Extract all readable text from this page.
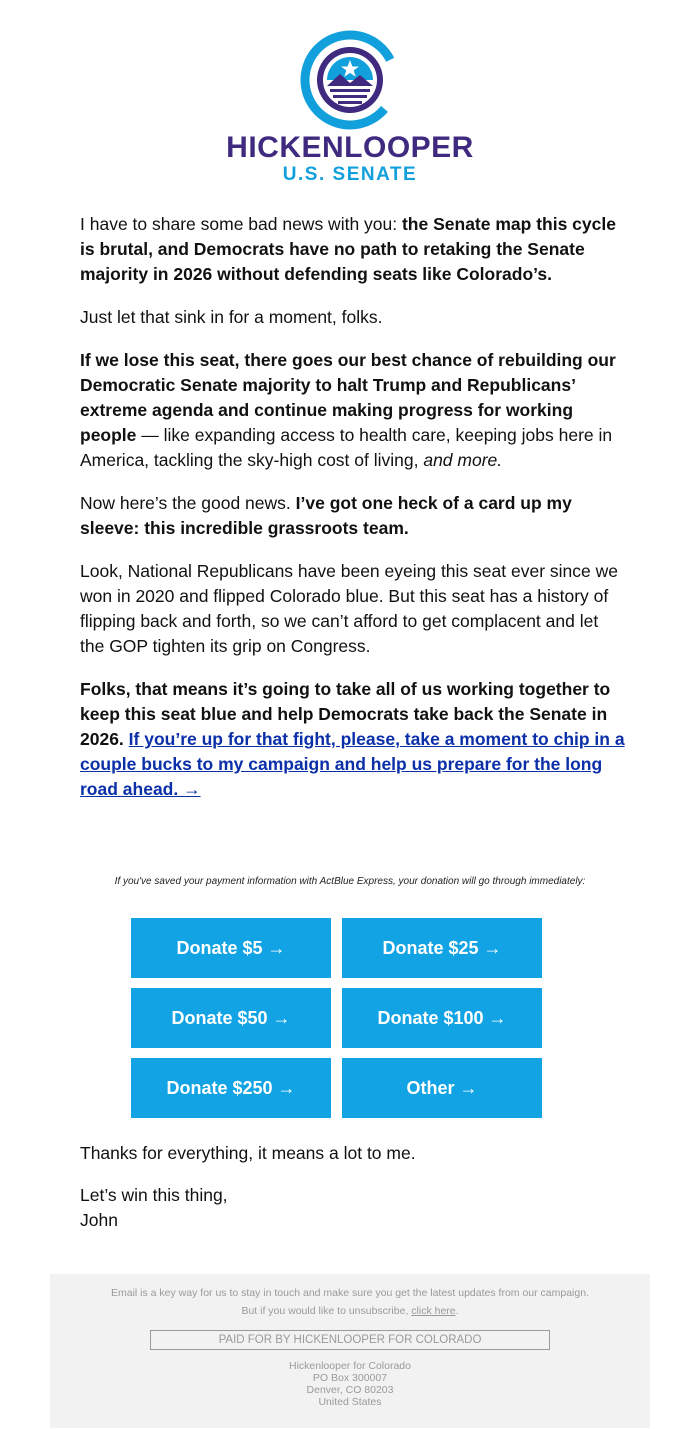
HICKENLOOPER
U.S. SENATE

I have to share some bad news with you: the Senate map this cycle is brutal, and Democrats have no path to retaking the Senate majority in 2026 without defending seats like Colorado’s.

Just let that sink in for a moment, folks.

If we lose this seat, there goes our best chance of rebuilding our Democratic Senate majority to halt Trump and Republicans’ extreme agenda and continue making progress for working people — like expanding access to health care, keeping jobs here in America, tackling the sky-high cost of living, and more.

Now here’s the good news. I’ve got one heck of a card up my sleeve: this incredible grassroots team.

Look, National Republicans have been eyeing this seat ever since we won in 2020 and flipped Colorado blue. But this seat has a history of flipping back and forth, so we can’t afford to get complacent and let the GOP tighten its grip on Congress.

Folks, that means it’s going to take all of us working together to keep this seat blue and help Democrats take back the Senate in 2026. If you’re up for that fight, please, take a moment to chip in a couple bucks to my campaign and help us prepare for the long road ahead. →

If you've saved your payment information with ActBlue Express, your donation will go through immediately:
Donate $5 →	Donate $25 →
Donate $50 →	Donate $100 →
Donate $250 →	Other →

Thanks for everything, it means a lot to me.

Let’s win this thing,
John

Email is a key way for us to stay in touch and make sure you get the latest updates from our campaign.
But if you would like to unsubscribe, click here.
PAID FOR BY HICKENLOOPER FOR COLORADO
Hickenlooper for Colorado
PO Box 300007
Denver, CO 80203
United States
